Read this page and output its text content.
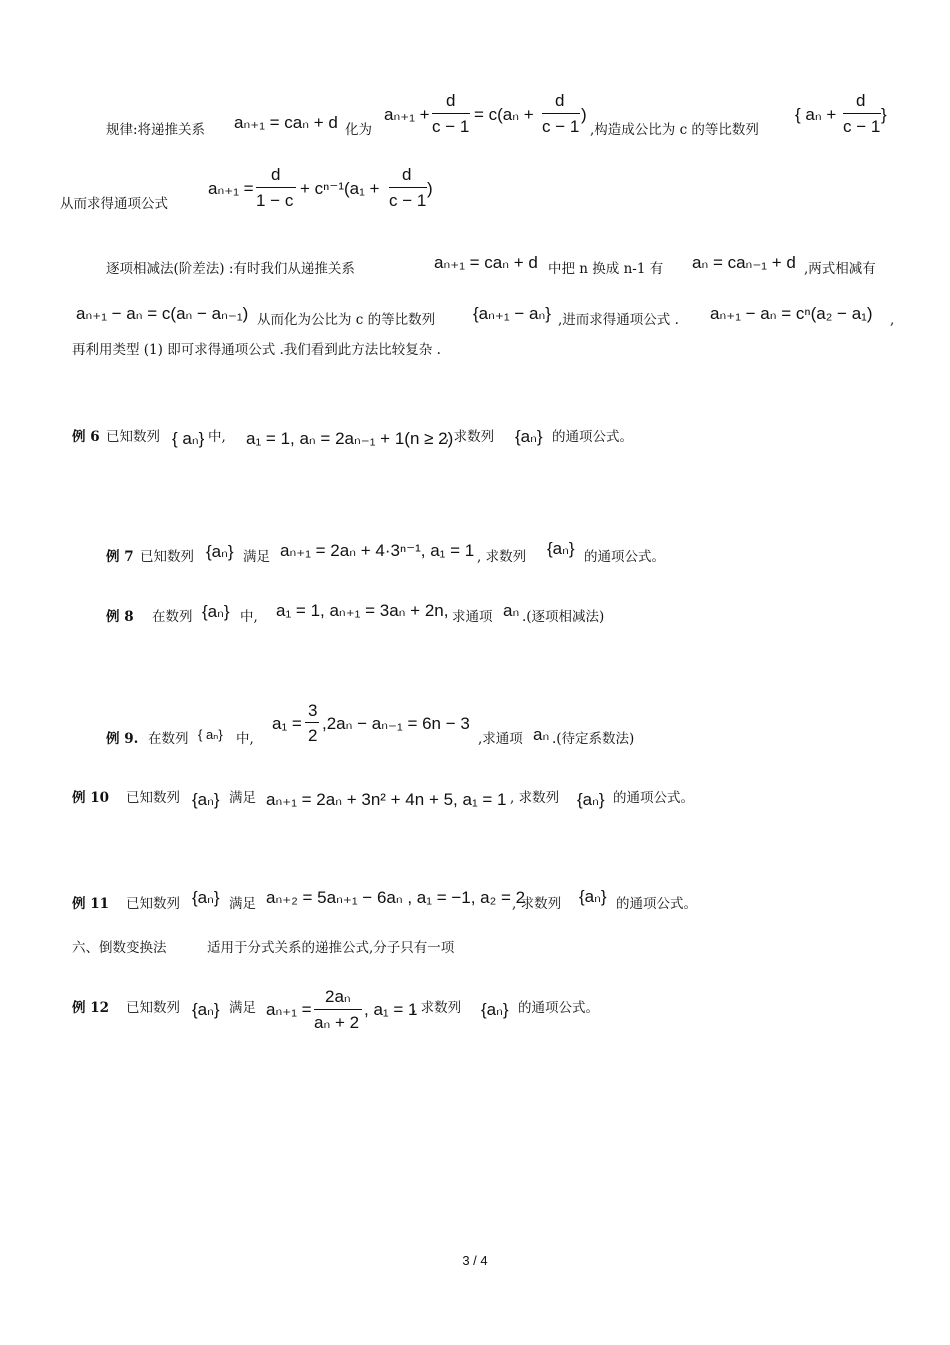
规律:将递推关系 aₙ₊₁ = caₙ + d 化为
aₙ₊₁ +
d
c − 1
= c(aₙ +
d
c − 1
)
,构造成公比为 c 的等比数列
{ aₙ +
d
c − 1
}
从而求得通项公式
aₙ₊₁ =
d
1 − c
+ cⁿ⁻¹(a₁ +
d
c − 1
)
逐项相减法(阶差法) :有时我们从递推关系	aₙ₊₁ = caₙ + d 中把 n 换成 n-1 有 aₙ = caₙ₋₁ + d ,两式相减有
aₙ₊₁ − aₙ = c(aₙ − aₙ₋₁) 从而化为公比为 c 的等比数列 {aₙ₊₁ − aₙ} ,进而求得通项公式 . aₙ₊₁ − aₙ = cⁿ(a₂ − a₁) ,
再利用类型 (1) 即可求得通项公式 .我们看到此方法比较复杂 .
例 6 已知数列 { aₙ} 中, a₁ = 1, aₙ = 2aₙ₋₁ + 1(n ≥ 2)
, 求数列 {aₙ} 的通项公式。
例 7 已知数列 {aₙ} 满足 aₙ₊₁ = 2aₙ + 4·3ⁿ⁻¹, a₁ = 1 , 求数列 {aₙ} 的通项公式。
例 8 在数列 {aₙ} 中, a₁ = 1, aₙ₊₁ = 3aₙ + 2n, 求通项 aₙ .(逐项相减法)
例 9. 在数列 { aₙ} 中,
a₁ =
3
2
,2aₙ − aₙ₋₁ = 6n − 3
,求通项 aₙ .(待定系数法)
例 10 已知数列 {aₙ} 满足 aₙ₊₁ = 2aₙ + 3n² + 4n + 5, a₁ = 1 , 求数列 {aₙ} 的通项公式。
例 11 已知数列 {aₙ} 满足 aₙ₊₂ = 5aₙ₊₁ − 6aₙ , a₁ = −1, a₂ = 2
, 求数列 {aₙ} 的通项公式。
六、倒数变换法	适用于分式关系的递推公式,分子只有一项
例 12 已知数列 {aₙ} 满足 aₙ₊₁ =
2aₙ
aₙ + 2
, a₁ = 1
, 求数列 {aₙ} 的通项公式。
3 / 4
